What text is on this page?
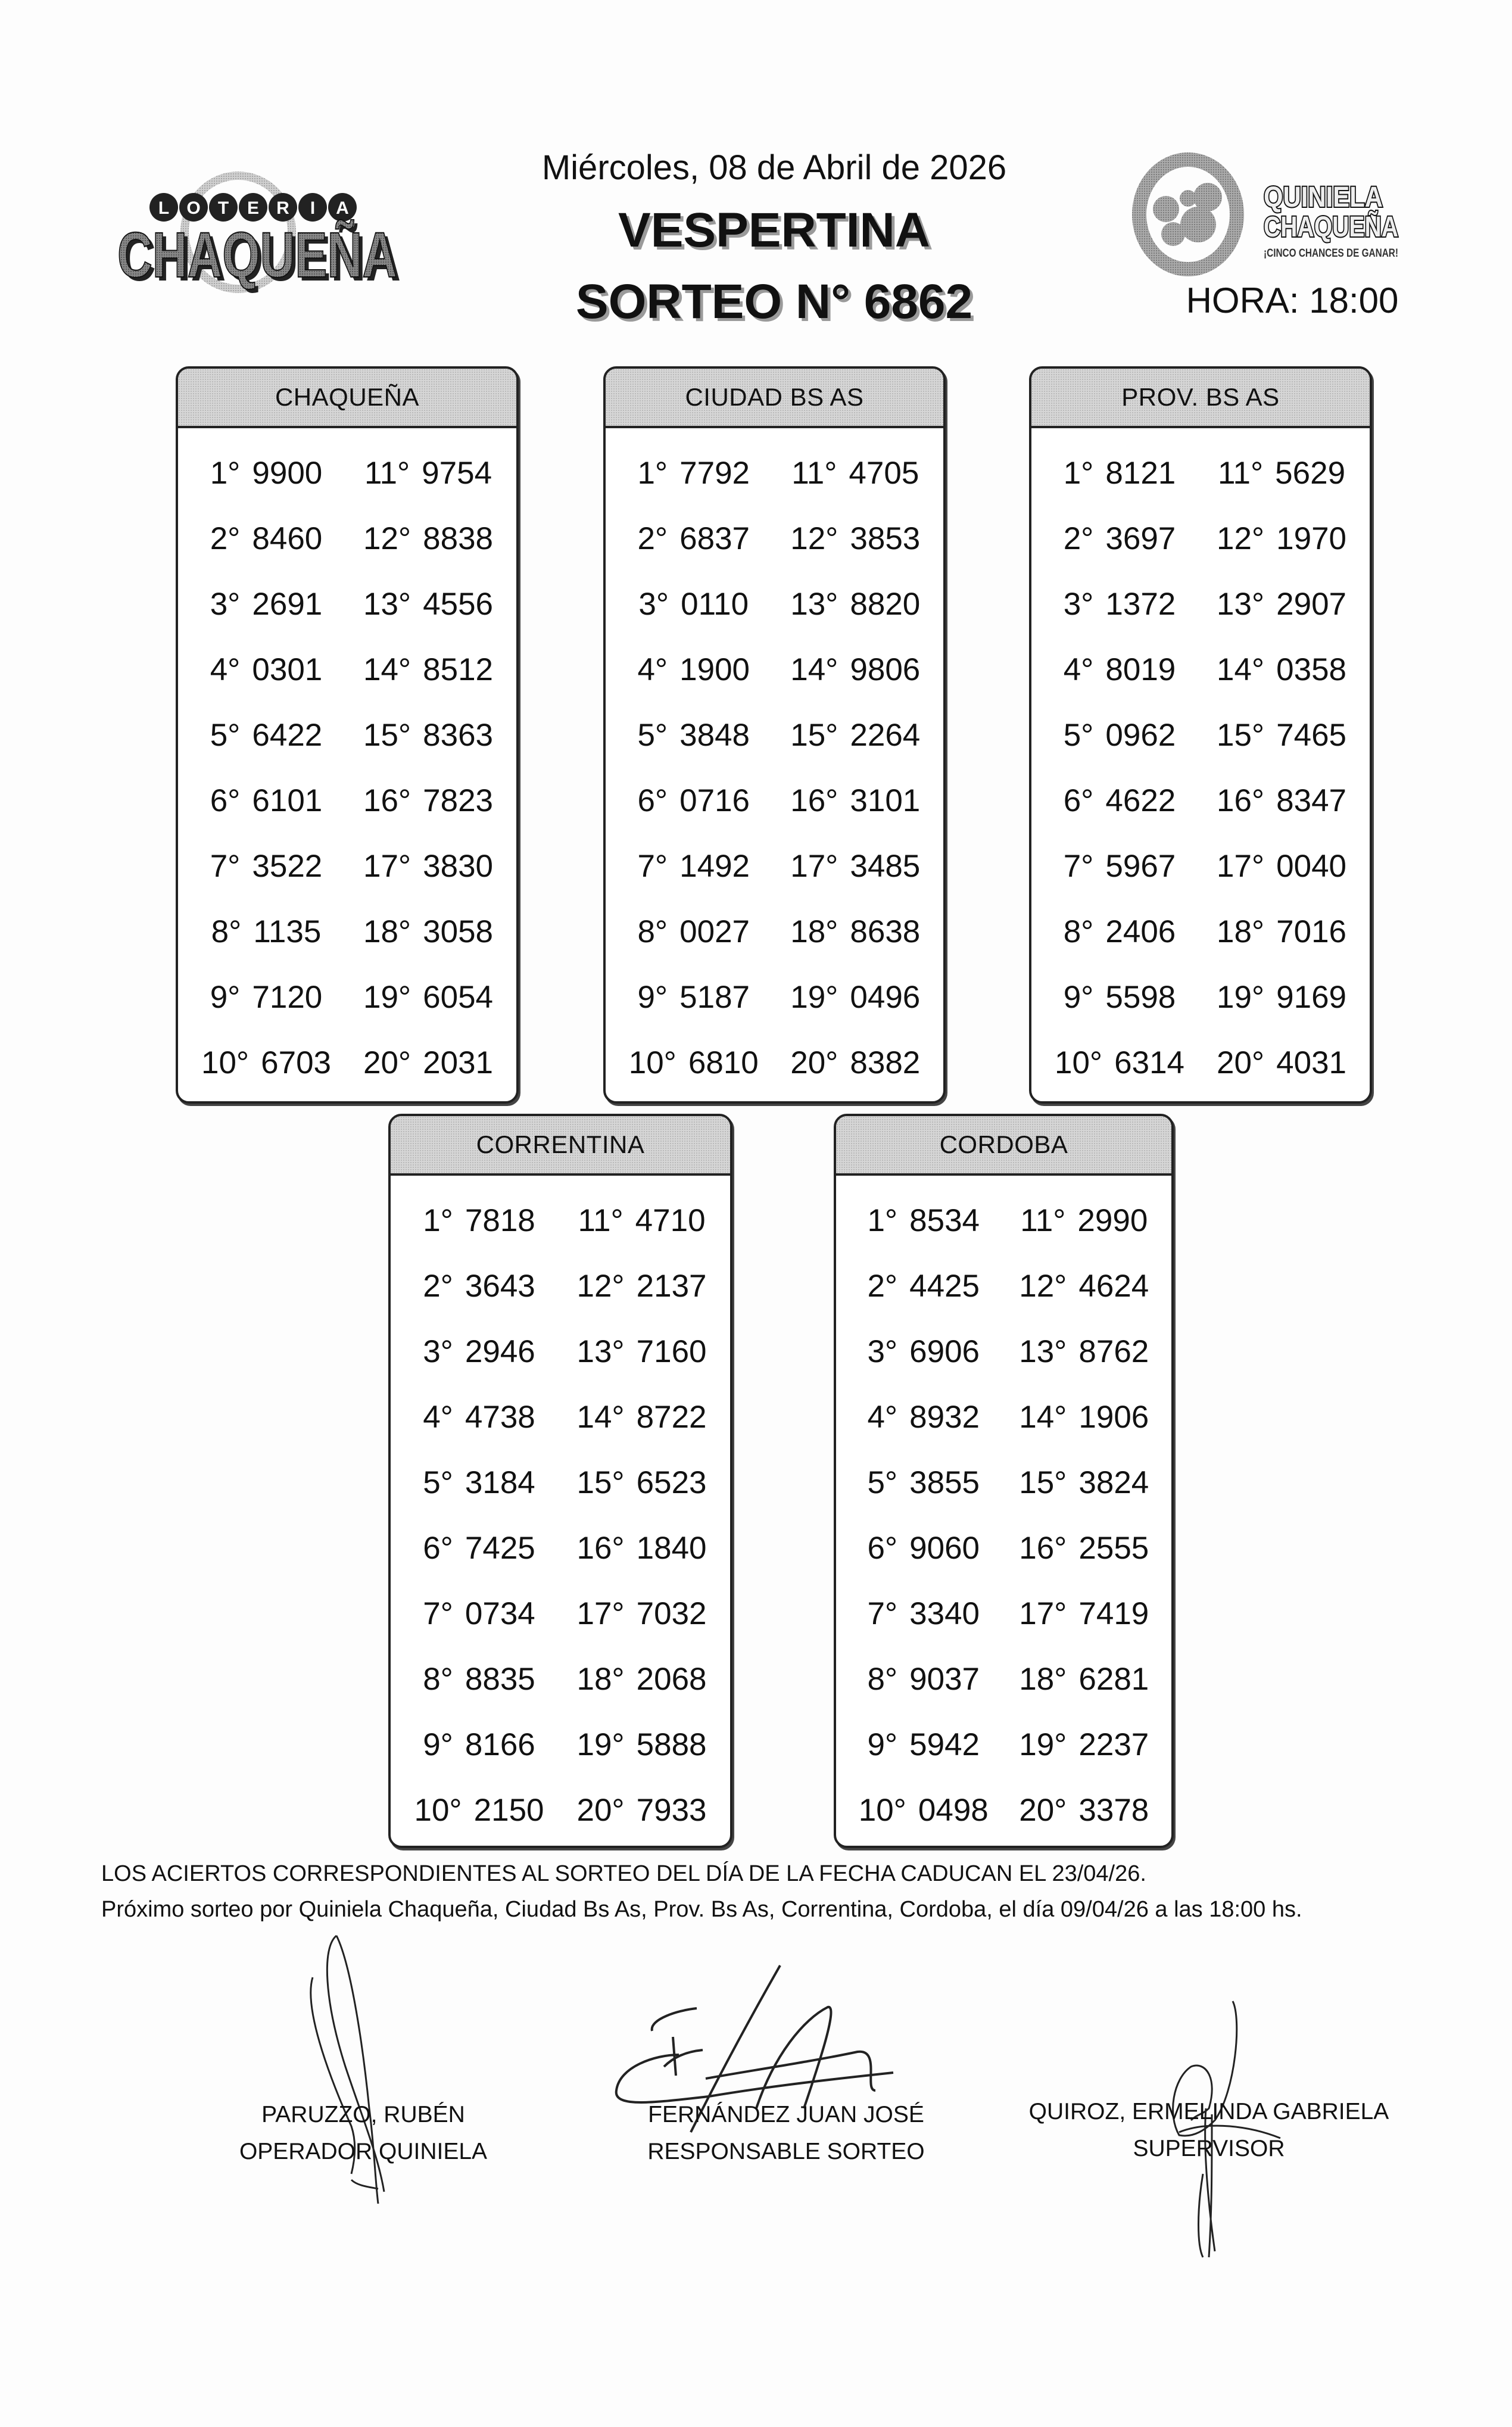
L O T E R I A
CHAQUEÑA
CHAQUEÑA
Miércoles, 08 de Abril de 2026
VESPERTINA
SORTEO N° 6862
QUINIELA
CHAQUEÑA
¡CINCO CHANCES DE GANAR!
HORA: 18:00
CHAQUEÑA
1° 9900 11° 9754
2° 8460 12° 8838
3° 2691 13° 4556
4° 0301 14° 8512
5° 6422 15° 8363
6° 6101 16° 7823
7° 3522 17° 3830
8° 1135 18° 3058
9° 7120 19° 6054
10° 6703 20° 2031
CIUDAD BS AS
1° 7792 11° 4705
2° 6837 12° 3853
3° 0110 13° 8820
4° 1900 14° 9806
5° 3848 15° 2264
6° 0716 16° 3101
7° 1492 17° 3485
8° 0027 18° 8638
9° 5187 19° 0496
10° 6810 20° 8382
PROV. BS AS
1° 8121 11° 5629
2° 3697 12° 1970
3° 1372 13° 2907
4° 8019 14° 0358
5° 0962 15° 7465
6° 4622 16° 8347
7° 5967 17° 0040
8° 2406 18° 7016
9° 5598 19° 9169
10° 6314 20° 4031
CORRENTINA
1° 7818 11° 4710
2° 3643 12° 2137
3° 2946 13° 7160
4° 4738 14° 8722
5° 3184 15° 6523
6° 7425 16° 1840
7° 0734 17° 7032
8° 8835 18° 2068
9° 8166 19° 5888
10° 2150 20° 7933
CORDOBA
1° 8534 11° 2990
2° 4425 12° 4624
3° 6906 13° 8762
4° 8932 14° 1906
5° 3855 15° 3824
6° 9060 16° 2555
7° 3340 17° 7419
8° 9037 18° 6281
9° 5942 19° 2237
10° 0498 20° 3378
LOS ACIERTOS CORRESPONDIENTES AL SORTEO DEL DÍA DE LA FECHA CADUCAN EL 23/04/26.
Próximo sorteo por Quiniela Chaqueña, Ciudad Bs As, Prov. Bs As, Correntina, Cordoba, el día 09/04/26 a las 18:00 hs.
PARUZZO, RUBÉN
OPERADOR QUINIELA
FERNÁNDEZ JUAN JOSÉ
RESPONSABLE SORTEO
QUIROZ, ERMELINDA GABRIELA
SUPERVISOR
